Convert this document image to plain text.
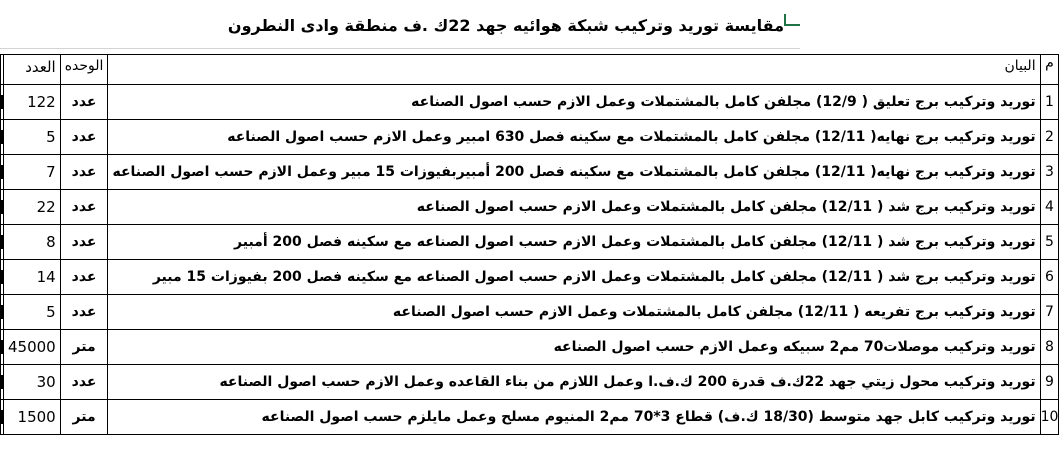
مقايسة توريد وتركيب شبكة هوائيه جهد 22ك .ف منطقة وادى النطرون
م	البيان	الوحده	العدد	
1	توريد وتركيب برج تعليق ( 12/9) مجلفن كامل بالمشتملات وعمل الازم حسب اصول الصناعه	عدد	122	

2	توريد وتركيب برج نهايه( 12/11) مجلفن كامل بالمشتملات مع سكينه فصل 630 امبير وعمل الازم حسب اصول الصناعه	عدد	5	

3	توريد وتركيب برج نهايه( 12/11) مجلفن كامل بالمشتملات مع سكينه فصل 200 أمبيربفيوزات 15 مبير وعمل الازم حسب اصول الصناعه	عدد	7	

4	توريد وتركيب برج شد ( 12/11) مجلفن كامل بالمشتملات وعمل الازم حسب اصول الصناعه	عدد	22	

5	توريد وتركيب برج شد ( 12/11) مجلفن كامل بالمشتملات وعمل الازم حسب اصول الصناعه مع سكينه فصل 200 أمبير	عدد	8	

6	توريد وتركيب برج شد ( 12/11) مجلفن كامل بالمشتملات وعمل الازم حسب اصول الصناعه مع سكينه فصل 200 بفيوزات 15 مبير	عدد	14	

7	توريد وتركيب برج تفريعه ( 12/11) مجلفن كامل بالمشتملات وعمل الازم حسب اصول الصناعه	عدد	5	

8	توريد وتركيب موصلات70 مم2 سبيكه وعمل الازم حسب اصول الصناعه	متر	45000	

9	توريد وتركيب محول زيتي جهد 22ك.ف قدرة 200 ك.ف.ا وعمل اللازم من بناء القاعده وعمل الازم حسب اصول الصناعه	عدد	30	

10	توريد وتركيب كابل جهد متوسط (18/30 ك.ف) قطاع 3*70 مم2 المنيوم مسلح وعمل مايلزم حسب اصول الصناعه	متر	1500	
